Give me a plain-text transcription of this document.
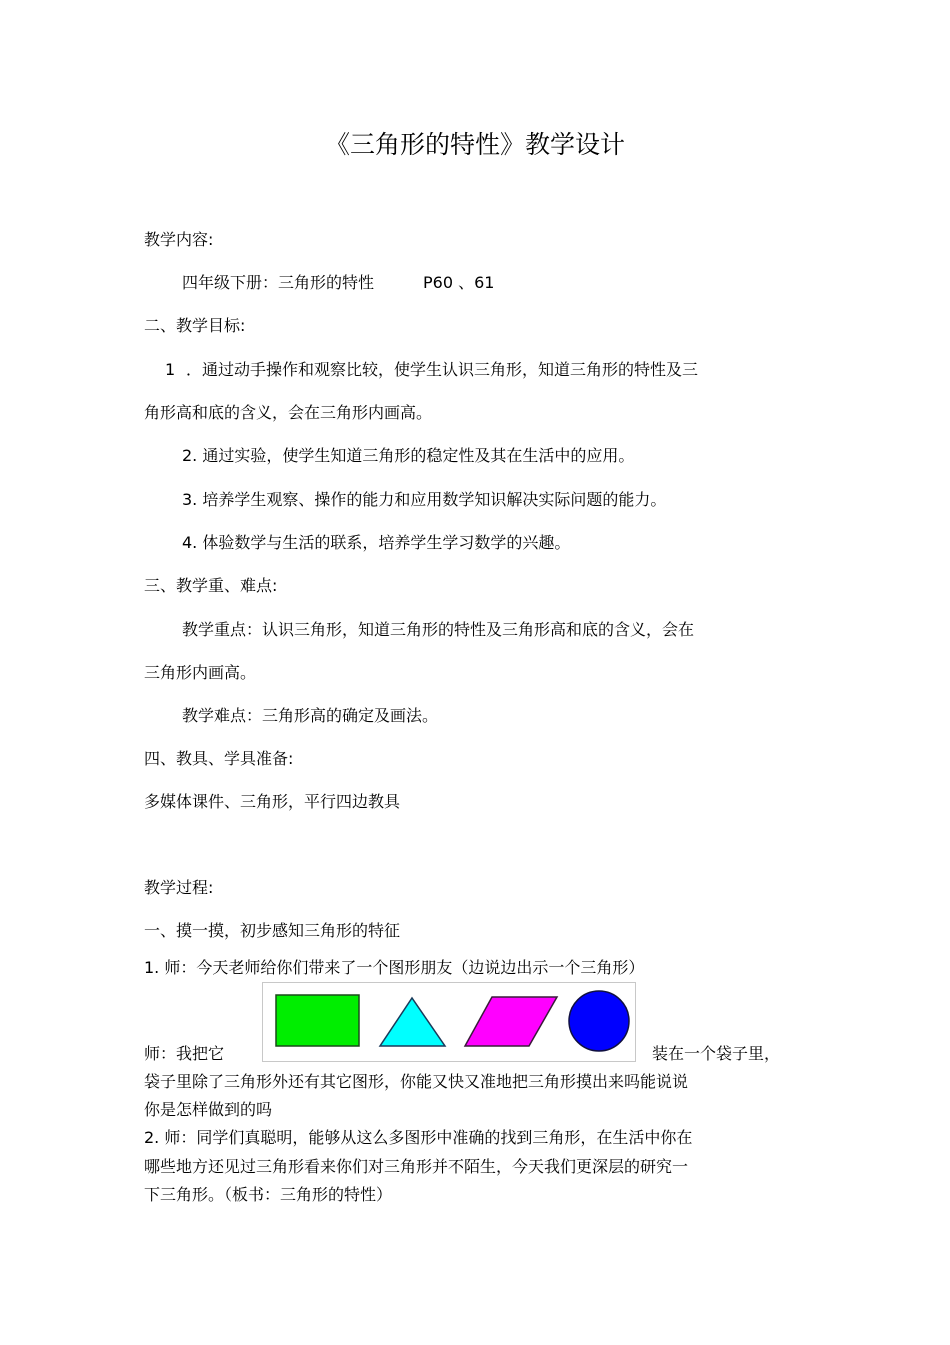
《三角形的特性》教学设计
教学内容:
四年级下册：三角形的特性	P60 、61
二、教学目标:
1 ．通过动手操作和观察比较，使学生认识三角形，知道三角形的特性及三
角形高和底的含义，会在三角形内画高。
2. 通过实验，使学生知道三角形的稳定性及其在生活中的应用。
3. 培养学生观察、操作的能力和应用数学知识解决实际问题的能力。
4. 体验数学与生活的联系，培养学生学习数学的兴趣。
三、教学重、难点:
教学重点：认识三角形，知道三角形的特性及三角形高和底的含义，会在
三角形内画高。
教学难点：三角形高的确定及画法。
四、教具、学具准备:
多媒体课件、三角形，平行四边教具
教学过程:
一、摸一摸，初步感知三角形的特征
1. 师：今天老师给你们带来了一个图形朋友（边说边出示一个三角形）
师：我把它	装在一个袋子里，
袋子里除了三角形外还有其它图形，你能又快又准地把三角形摸出来吗能说说
你是怎样做到的吗
2. 师：同学们真聪明，能够从这么多图形中准确的找到三角形，在生活中你在
哪些地方还见过三角形看来你们对三角形并不陌生，今天我们更深层的研究一
下三角形。（板书：三角形的特性）
